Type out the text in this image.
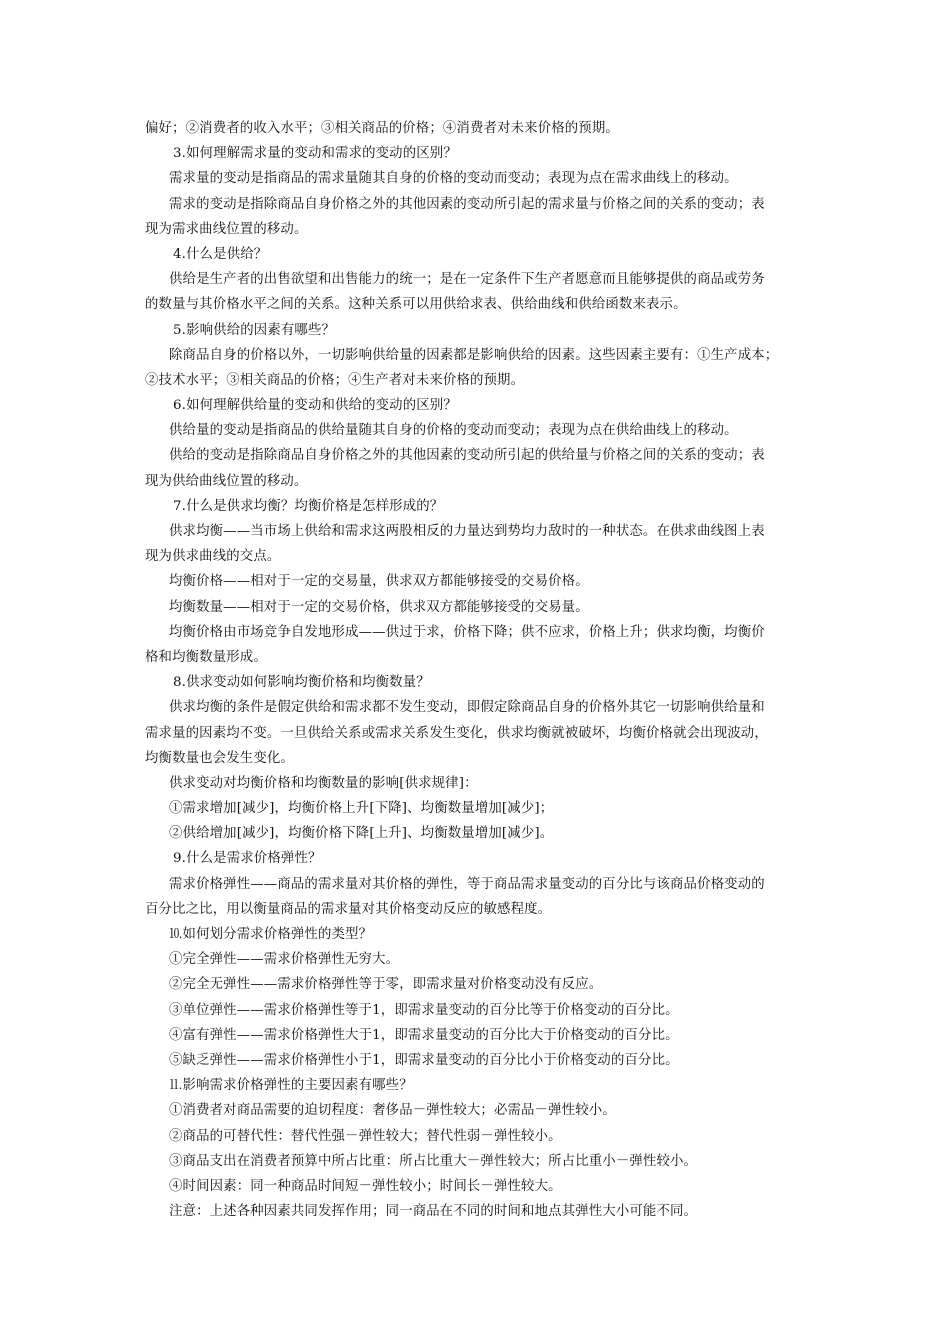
偏好；②消费者的收入水平；③相关商品的价格；④消费者对未来价格的预期。
3.如何理解需求量的变动和需求的变动的区别？
需求量的变动是指商品的需求量随其自身的价格的变动而变动；表现为点在需求曲线上的移动。
需求的变动是指除商品自身价格之外的其他因素的变动所引起的需求量与价格之间的关系的变动；表
现为需求曲线位置的移动。
4.什么是供给？
供给是生产者的出售欲望和出售能力的统一；是在一定条件下生产者愿意而且能够提供的商品或劳务
的数量与其价格水平之间的关系。这种关系可以用供给求表、供给曲线和供给函数来表示。
5.影响供给的因素有哪些？
除商品自身的价格以外，一切影响供给量的因素都是影响供给的因素。这些因素主要有：①生产成本；
②技术水平；③相关商品的价格；④生产者对未来价格的预期。
6.如何理解供给量的变动和供给的变动的区别？
供给量的变动是指商品的供给量随其自身的价格的变动而变动；表现为点在供给曲线上的移动。
供给的变动是指除商品自身价格之外的其他因素的变动所引起的供给量与价格之间的关系的变动；表
现为供给曲线位置的移动。
7.什么是供求均衡？均衡价格是怎样形成的？
供求均衡——当市场上供给和需求这两股相反的力量达到势均力敌时的一种状态。在供求曲线图上表
现为供求曲线的交点。
均衡价格——相对于一定的交易量，供求双方都能够接受的交易价格。
均衡数量——相对于一定的交易价格，供求双方都能够接受的交易量。
均衡价格由市场竞争自发地形成——供过于求，价格下降；供不应求，价格上升；供求均衡，均衡价
格和均衡数量形成。
8.供求变动如何影响均衡价格和均衡数量？
供求均衡的条件是假定供给和需求都不发生变动，即假定除商品自身的价格外其它一切影响供给量和
需求量的因素均不变。一旦供给关系或需求关系发生变化，供求均衡就被破坏，均衡价格就会出现波动，
均衡数量也会发生变化。
供求变动对均衡价格和均衡数量的影响[供求规律]：
①需求增加[减少]，均衡价格上升[下降]、均衡数量增加[减少]；
②供给增加[减少]，均衡价格下降[上升]、均衡数量增加[减少]。
9.什么是需求价格弹性？
需求价格弹性——商品的需求量对其价格的弹性，等于商品需求量变动的百分比与该商品价格变动的
百分比之比，用以衡量商品的需求量对其价格变动反应的敏感程度。
⒑如何划分需求价格弹性的类型？
①完全弹性——需求价格弹性无穷大。
②完全无弹性——需求价格弹性等于零，即需求量对价格变动没有反应。
③单位弹性——需求价格弹性等于1，即需求量变动的百分比等于价格变动的百分比。
④富有弹性——需求价格弹性大于1，即需求量变动的百分比大于价格变动的百分比。
⑤缺乏弹性——需求价格弹性小于1，即需求量变动的百分比小于价格变动的百分比。
⒒影响需求价格弹性的主要因素有哪些？
①消费者对商品需要的迫切程度：奢侈品－弹性较大；必需品－弹性较小。
②商品的可替代性：替代性强－弹性较大；替代性弱－弹性较小。
③商品支出在消费者预算中所占比重：所占比重大－弹性较大；所占比重小－弹性较小。
④时间因素：同一种商品时间短－弹性较小；时间长－弹性较大。
注意：上述各种因素共同发挥作用；同一商品在不同的时间和地点其弹性大小可能不同。
